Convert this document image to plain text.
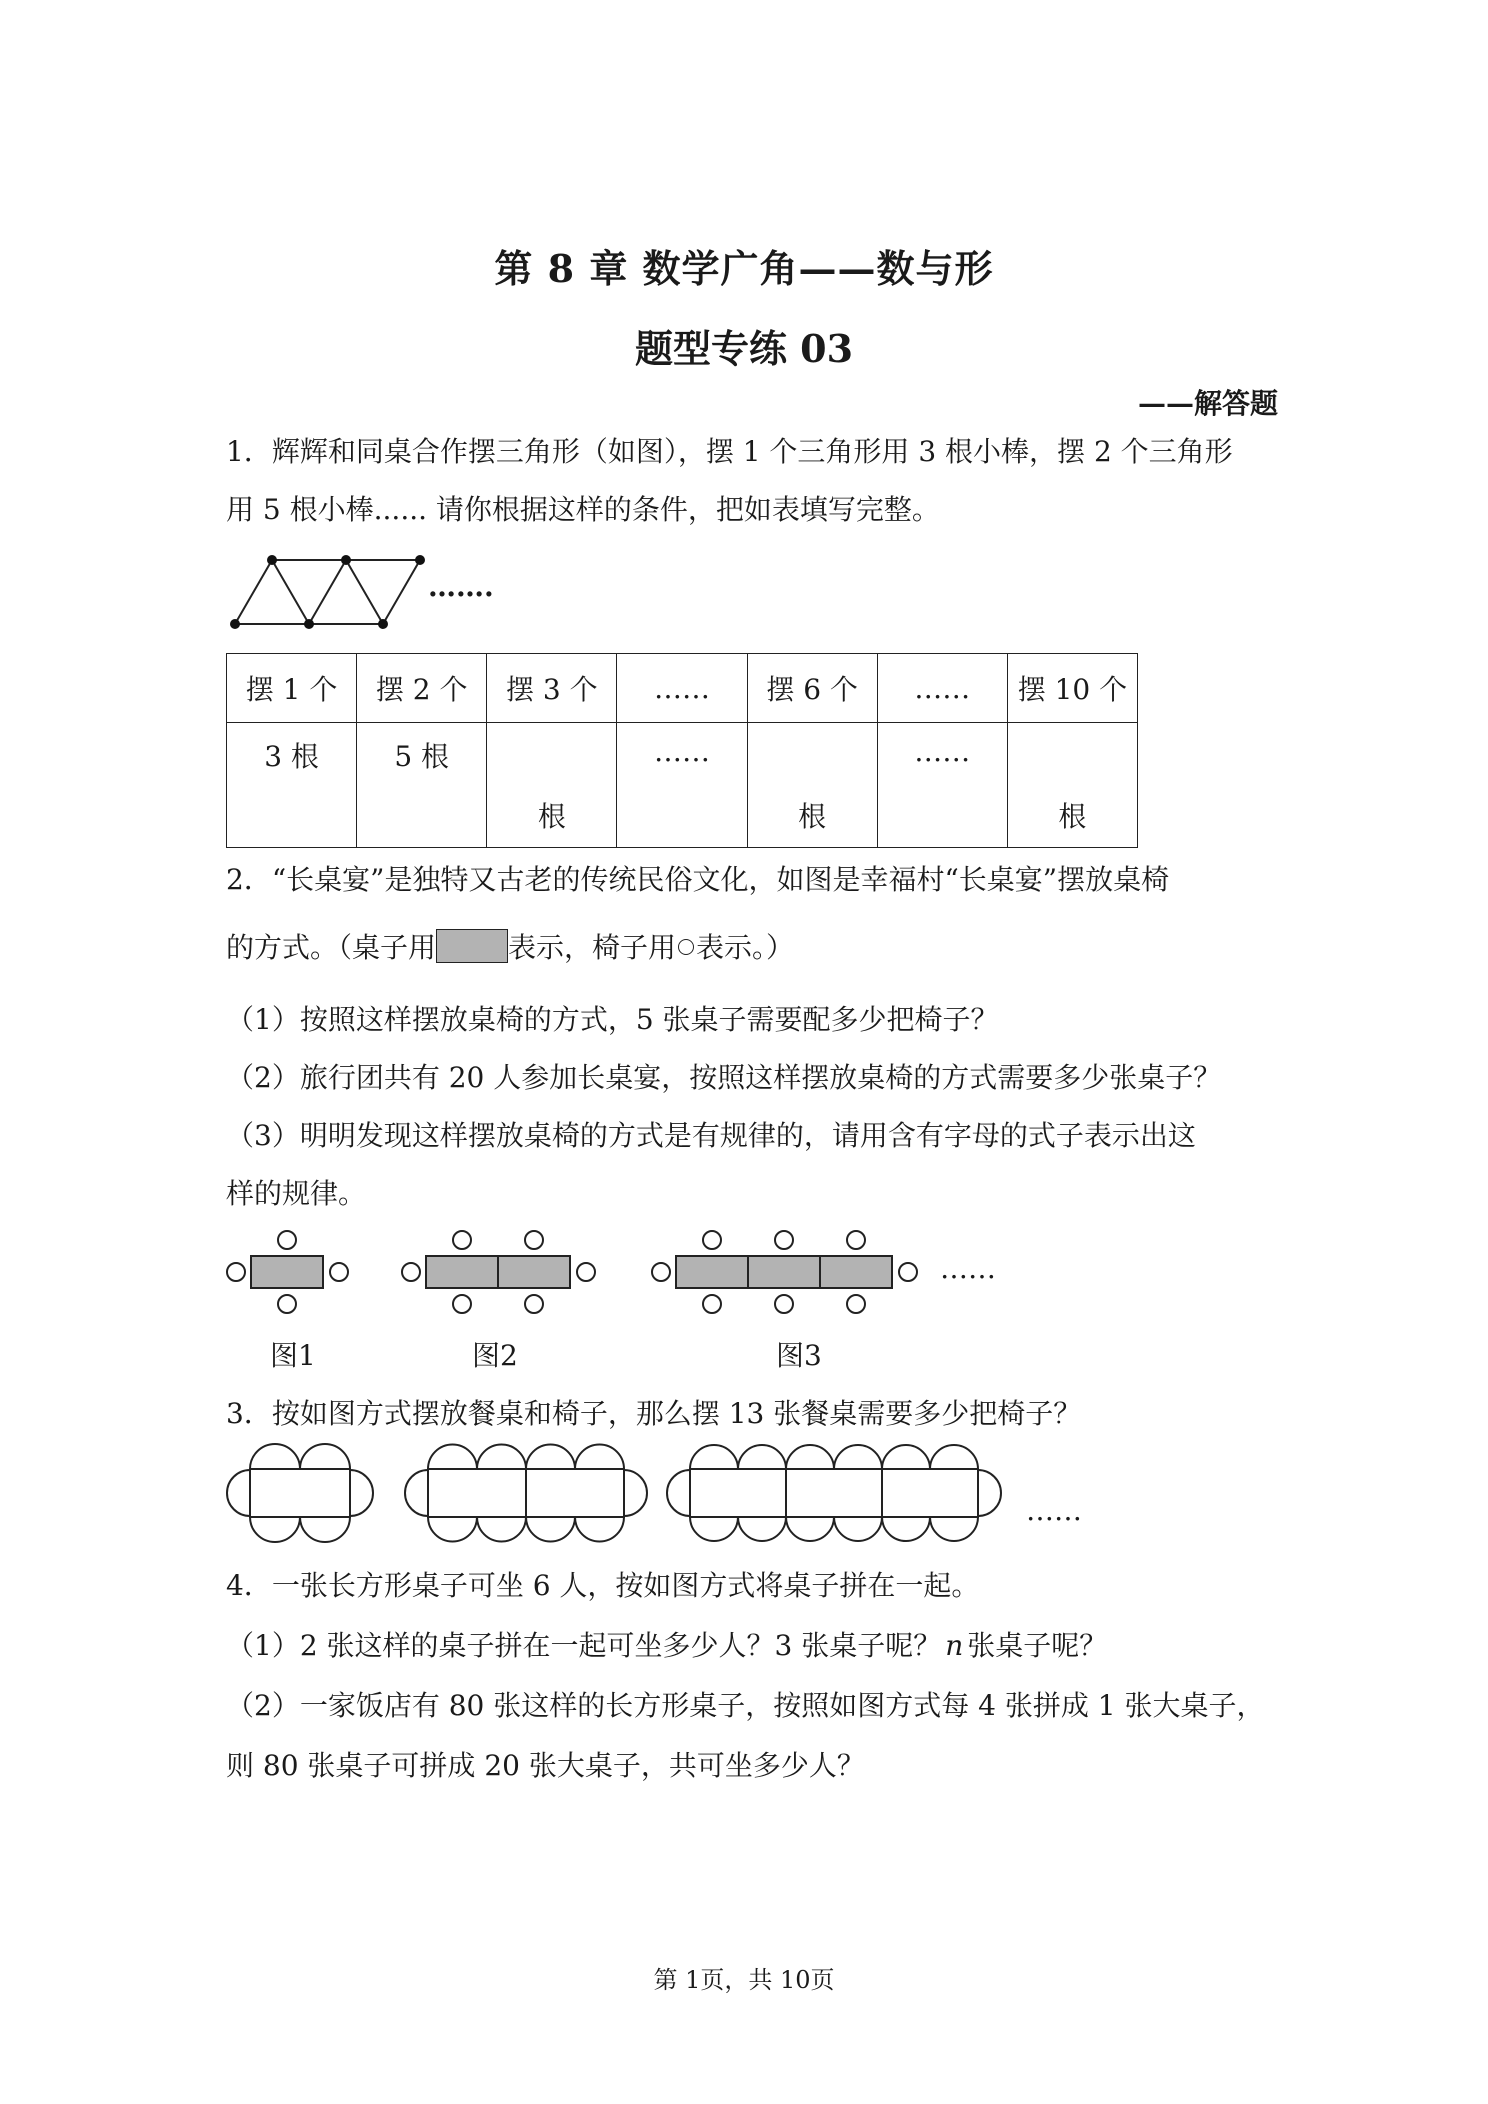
第 8 章 数学广角——数与形
题型专练 03
——解答题
1．辉辉和同桌合作摆三角形（如图），摆 1 个三角形用 3 根小棒，摆 2 个三角形
用 5 根小棒...... 请你根据这样的条件，把如表填写完整。
…….
摆 1 个	摆 2 个	摆 3 个	……	摆 6 个	……	摆 10 个

3 根	5 根	根	……	根	……	根
2．“长桌宴”是独特又古老的传统民俗文化，如图是幸福村“长桌宴”摆放桌椅
的方式。（桌子用	表示，椅子用 表示。）
（1）按照这样摆放桌椅的方式，5 张桌子需要配多少把椅子？
（2）旅行团共有 20 人参加长桌宴，按照这样摆放桌椅的方式需要多少张桌子？
（3）明明发现这样摆放桌椅的方式是有规律的，请用含有字母的式子表示出这
样的规律。
……
图1	图2	图3
3．按如图方式摆放餐桌和椅子，那么摆 13 张餐桌需要多少把椅子？
……
4．一张长方形桌子可坐 6 人，按如图方式将桌子拼在一起。
（1）2 张这样的桌子拼在一起可坐多少人？3 张桌子呢？ n 张桌子呢？
（2）一家饭店有 80 张这样的长方形桌子，按照如图方式每 4 张拼成 1 张大桌子，
则 80 张桌子可拼成 20 张大桌子，共可坐多少人？
第 1页，共 10页
